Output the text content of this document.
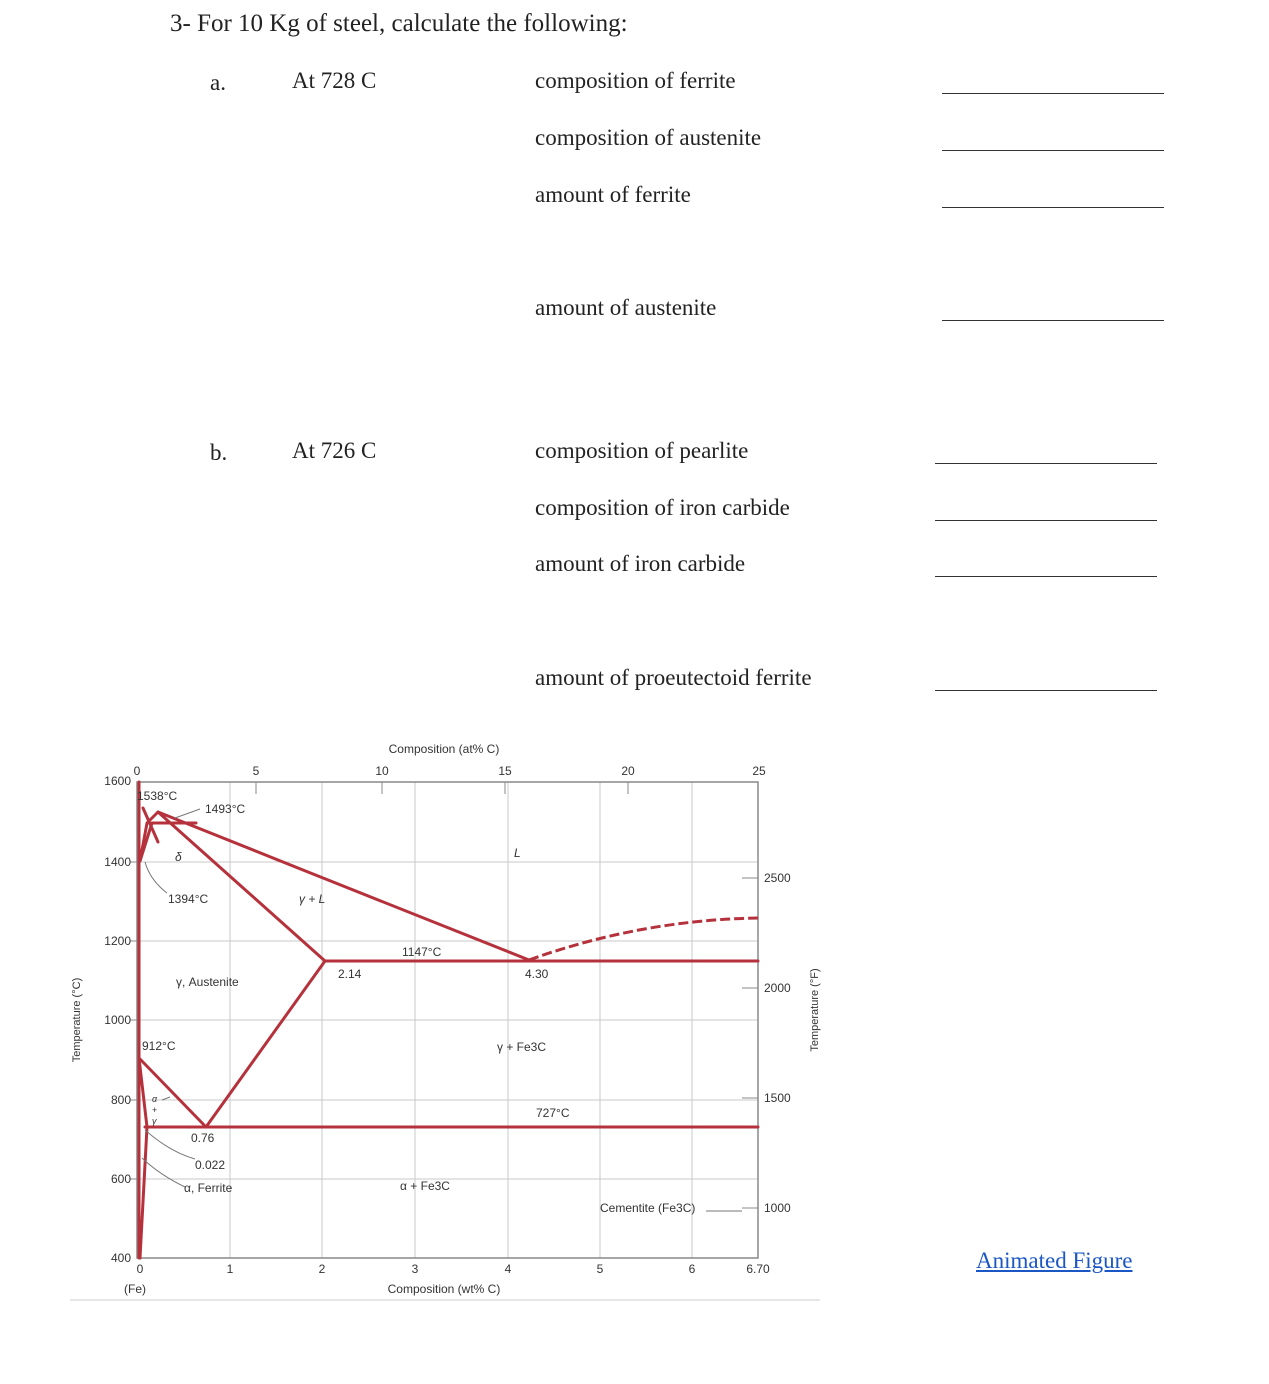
3- For 10 Kg of steel, calculate the following:
a.	At 728 C	composition of ferrite
composition of austenite
amount of ferrite
amount of austenite
b.	At 726 C	composition of pearlite
composition of iron carbide
amount of iron carbide
amount of proeutectoid ferrite
Composition (at% C)
0	5	10	15	20	25
0	1	2	3	4	5	6	6.70
(Fe)	Composition (wt% C)
1600
1400
1200
1000
800
600
400
Temperature (°C)
2500
2000
1500
1000
Temperature (°F)
1538°C
1493°C
δ	L
1394°C	γ + L
2.14
1147°C
4.30
γ, Austenite
912°C	γ + Fe3C
α
+
γ
727°C
0.76
0.022
α, Ferrite	α + Fe3C
Cementite (Fe3C)
Animated Figure
